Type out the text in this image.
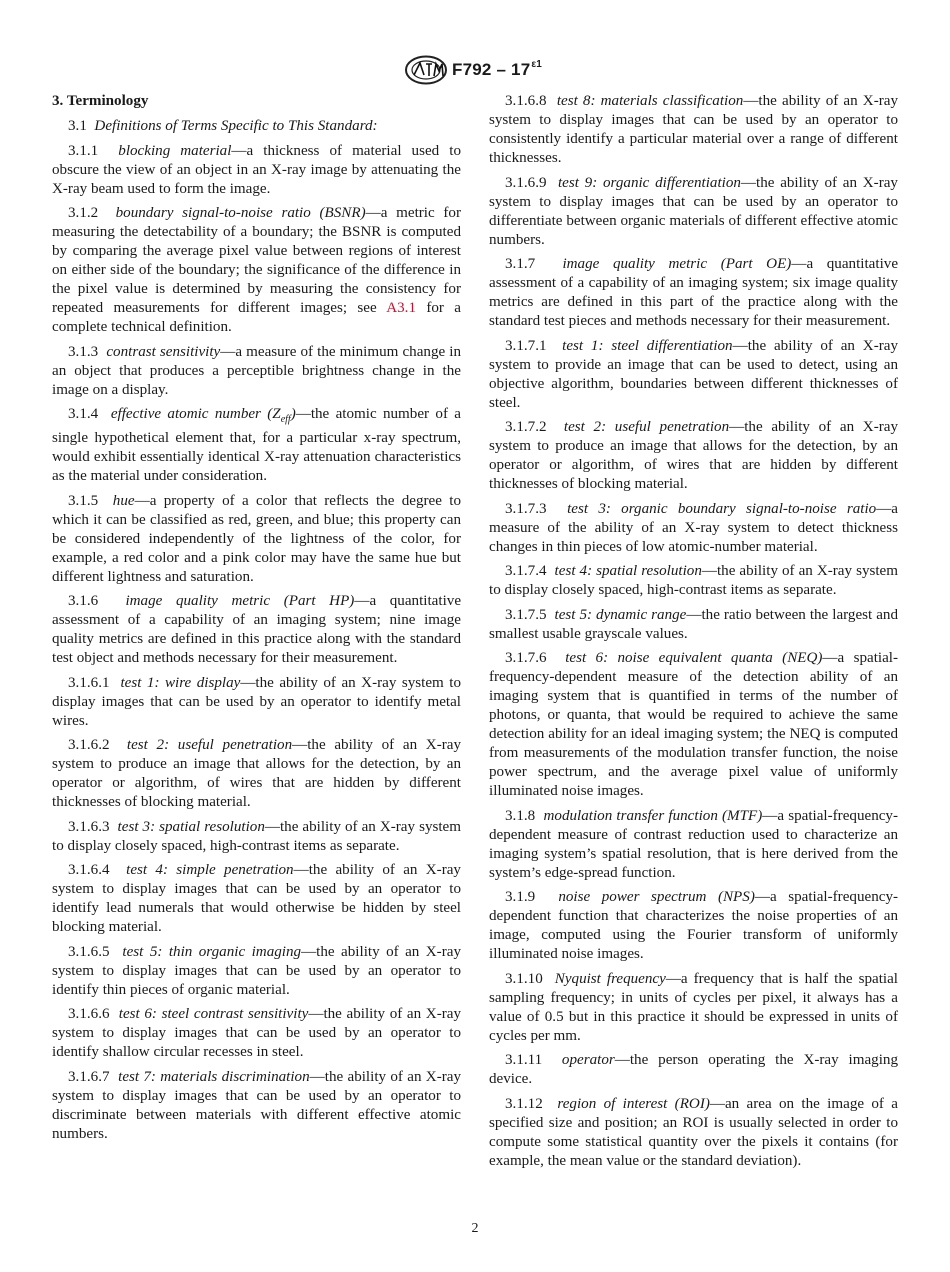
$F792 - 17^{\varepsilon 1}$

3. Terminology

3.1  Definitions of Terms Specific to This Standard:

3.1.1  blocking material—a thickness of material used to obscure the view of an object in an X-ray image by attenuating the X-ray beam used to form the image.

3.1.2  boundary signal-to-noise ratio (BSNR)—a metric for measuring the detectability of a boundary; the BSNR is computed by comparing the average pixel value between regions of interest on either side of the boundary; the significance of the difference in the pixel value is determined by measuring the consistency for repeated measurements for different images; see A3.1 for a complete technical definition.

3.1.3  contrast sensitivity—a measure of the minimum change in an object that produces a perceptible brightness change in the image on a display.

3.1.4  effective atomic number $(Z_{eff})—the$ atomic number of a single hypothetical element that, for a particular x-ray spectrum, would exhibit essentially identical X-ray attenuation characteristics as the material under consideration.

3.1.5  hue—a property of a color that reflects the degree to which it can be classified as red, green, and blue; this property can be considered independently of the lightness of the color, for example, a red color and a pink color may have the same hue but different lightness and saturation.

3.1.6  image quality metric (Part HP)—a quantitative assessment of a capability of an imaging system; nine image quality metrics are defined in this practice along with the standard test object and methods necessary for their measurement.

3.1.6.1  test 1: wire display—the ability of an X-ray system to display images that can be used by an operator to identify metal wires.

3.1.6.2  test 2: useful penetration—the ability of an X-ray system to produce an image that allows for the detection, by an operator or algorithm, of wires that are hidden by different thicknesses of blocking material.

3.1.6.3  test 3: spatial resolution—the ability of an X-ray system to display closely spaced, high-contrast items as separate.

3.1.6.4  test 4: simple penetration—the ability of an X-ray system to display images that can be used by an operator to identify lead numerals that would otherwise be hidden by steel blocking material.

3.1.6.5  test 5: thin organic imaging—the ability of an X-ray system to display images that can be used by an operator to identify thin pieces of organic material.

3.1.6.6  test 6: steel contrast sensitivity—the ability of an X-ray system to display images that can be used by an operator to identify shallow circular recesses in steel.

3.1.6.7  test 7: materials discrimination—the ability of an X-ray system to display images that can be used by an operator to discriminate between materials with different effective atomic numbers.

3.1.6.8  test 8: materials classification—the ability of an X-ray system to display images that can be used by an operator to consistently identify a particular material over a range of different thicknesses.

3.1.6.9  test 9: organic differentiation—the ability of an X-ray system to display images that can be used by an operator to differentiate between organic materials of different effective atomic numbers.

3.1.7  image quality metric (Part OE)—a quantitative assessment of a capability of an imaging system; six image quality metrics are defined in this part of the practice along with the standard test pieces and methods necessary for their measurement.

3.1.7.1  test 1: steel differentiation—the ability of an X-ray system to provide an image that can be used to detect, using an objective algorithm, boundaries between different thicknesses of steel.

3.1.7.2  test 2: useful penetration—the ability of an X-ray system to produce an image that allows for the detection, by an operator or algorithm, of wires that are hidden by different thicknesses of blocking material.

3.1.7.3  test 3: organic boundary signal-to-noise ratio—a measure of the ability of an X-ray system to detect thickness changes in thin pieces of low atomic-number material.

3.1.7.4  test 4: spatial resolution—the ability of an X-ray system to display closely spaced, high-contrast items as separate.

3.1.7.5  test 5: dynamic range—the ratio between the largest and smallest usable grayscale values.

3.1.7.6  test 6: noise equivalent quanta (NEQ)—a spatial-frequency-dependent measure of the detection ability of an imaging system that is quantified in terms of the number of photons, or quanta, that would be required to achieve the same detection ability for an ideal imaging system; the NEQ is computed from measurements of the modulation transfer function, the noise power spectrum, and the average pixel value of uniformly illuminated noise images.

3.1.8  modulation transfer function (MTF)—a spatial-frequency-dependent measure of contrast reduction used to characterize an imaging system’s spatial resolution, that is here derived from the system’s edge-spread function.

3.1.9  noise power spectrum (NPS)—a spatial-frequency-dependent function that characterizes the noise properties of an image, computed using the Fourier transform of uniformly illuminated noise images.

3.1.10  Nyquist frequency—a frequency that is half the spatial sampling frequency; in units of cycles per pixel, it always has a value of 0.5 but in this practice it should be expressed in units of cycles per mm.

3.1.11  operator—the person operating the X-ray imaging device.

3.1.12  region of interest (ROI)—an area on the image of a specified size and position; an ROI is usually selected in order to compute some statistical quantity over the pixels it contains (for example, the mean value or the standard deviation).

2
